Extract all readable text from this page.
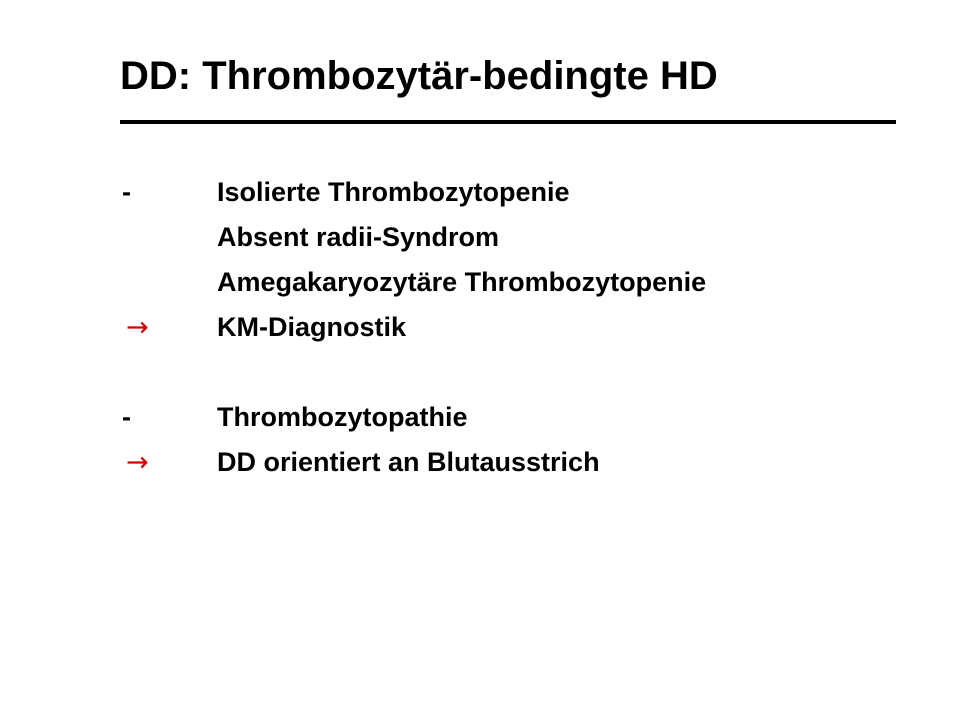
DD: Thrombozytär-bedingte HD
-	Isolierte Thrombozytopenie
Absent radii-Syndrom
Amegakaryozytäre Thrombozytopenie
→	KM-Diagnostik
-	Thrombozytopathie
→	DD orientiert an Blutausstrich
